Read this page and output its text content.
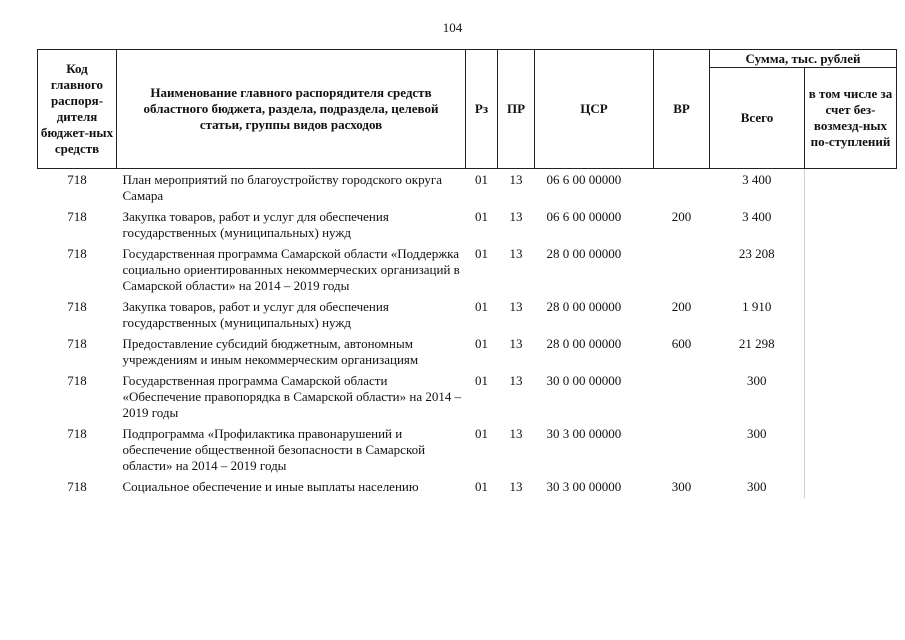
104
Код главного распоря-дителя бюджет-ных средств	Наименование главного распорядителя средств областного бюджета, раздела, подраздела, целевой статьи, группы видов расходов	Рз	ПР	ЦСР	ВР	Сумма, тыс. рублей	
						Всего	в том числе за счет без-возмезд-ных по-ступлений
718	План мероприятий по благоустройству городского округа Самара	01	13	06 6 00 00000		3 400	
718	Закупка товаров, работ и услуг для обеспечения государственных (муниципальных) нужд	01	13	06 6 00 00000	200	3 400	
718	Государственная программа Самарской области «Поддержка социально ориентированных некоммерческих организаций в Самарской области» на 2014 – 2019 годы	01	13	28 0 00 00000		23 208	
718	Закупка товаров, работ и услуг для обеспечения государственных (муниципальных) нужд	01	13	28 0 00 00000	200	1 910	
718	Предоставление субсидий бюджетным, автономным учреждениям и иным некоммерческим организациям	01	13	28 0 00 00000	600	21 298	
718	Государственная программа Самарской области «Обеспечение правопорядка в Самарской области» на 2014 – 2019 годы	01	13	30 0 00 00000		300	
718	Подпрограмма «Профилактика правонарушений и обеспечение общественной безопасности в Самарской области» на 2014 – 2019 годы	01	13	30 3 00 00000		300	
718	Социальное обеспечение и иные выплаты населению	01	13	30 3 00 00000	300	300	
